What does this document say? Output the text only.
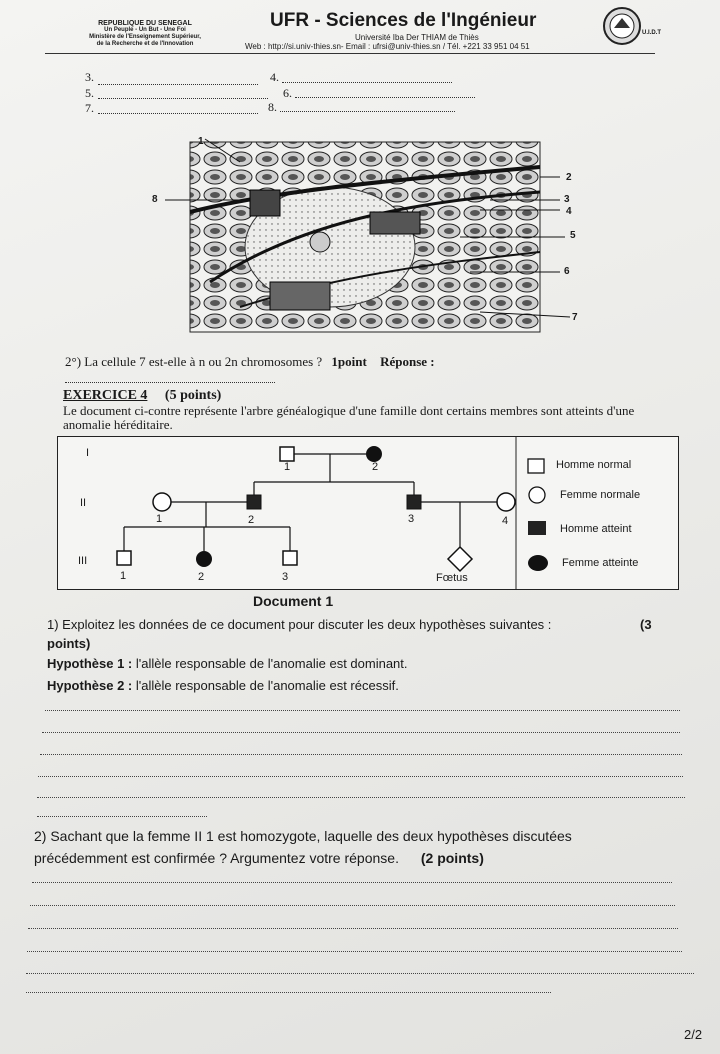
REPUBLIQUE DU SENEGAL
Un Peuple - Un But - Une Foi
Ministère de l'Enseignement Supérieur,
de la Recherche et de l'Innovation
UFR - Sciences de l'Ingénieur
Université Iba Der THIAM de Thiès
Web : http://si.univ-thies.sn- Email : ufrsi@univ-thies.sn / Tél. +221 33 951 04 51
U.I.D.T
3.	4.
5.	6.
7.	8.
1
2
3
4
5
6
7
8
2°) La cellule 7 est-elle à n ou 2n chromosomes ? 1point Réponse :
EXERCICE 4 (5 points)
Le document ci-contre représente l'arbre généalogique d'une famille dont certains membres sont atteints d'une anomalie héréditaire.
I
II
III
1	2
1	2	3	4
1	2	3	Fœtus
Homme normal
Femme normale
Homme atteint
Femme atteinte
Document 1
1) Exploitez les données de ce document pour discuter les deux hypothèses suivantes :	(3
points)
Hypothèse 1 : l'allèle responsable de l'anomalie est dominant.
Hypothèse 2 : l'allèle responsable de l'anomalie est récessif.
2) Sachant que la femme II 1 est homozygote, laquelle des deux hypothèses discutées
précédemment est confirmée ? Argumentez votre réponse. (2 points)
2/2
